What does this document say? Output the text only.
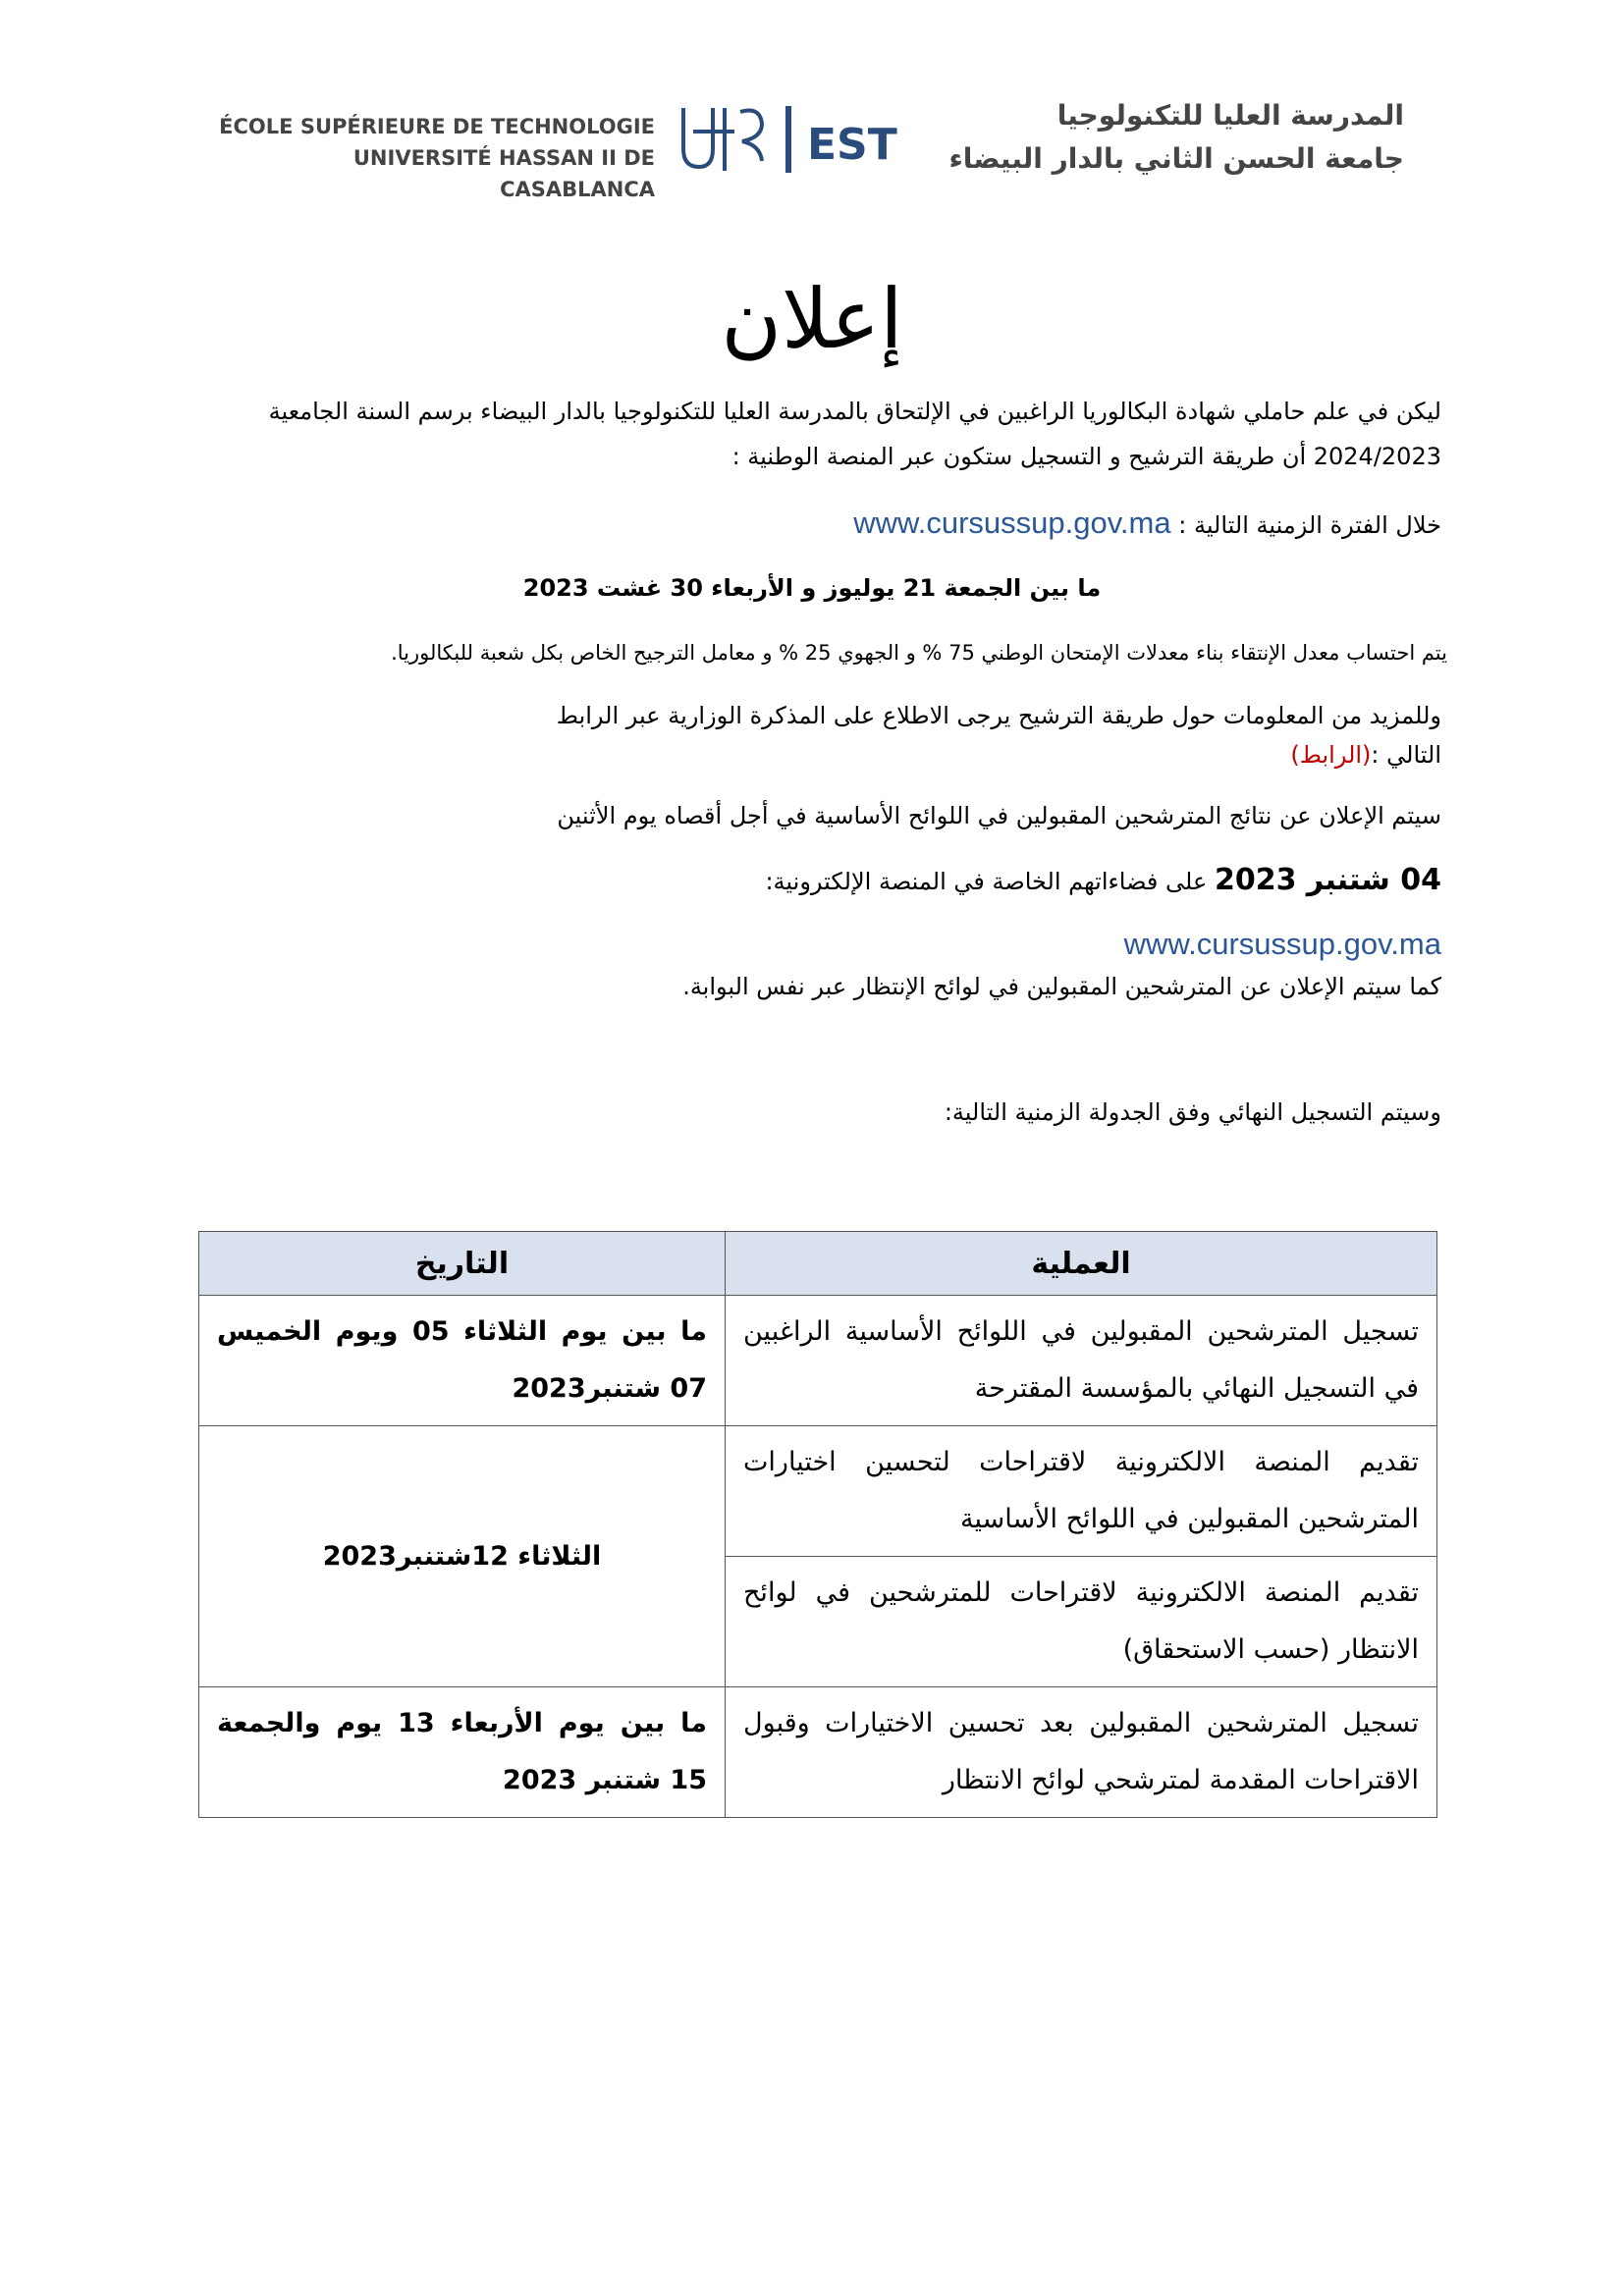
ÉCOLE SUPÉRIEURE DE TECHNOLOGIE
UNIVERSITÉ HASSAN II DE CASABLANCA
EST
المدرسة العليا للتكنولوجيا
جامعة الحسن الثاني بالدار البيضاء
إعلان
ليكن في علم حاملي شهادة البكالوريا الراغبين في الإلتحاق بالمدرسة العليا للتكنولوجيا بالدار البيضاء برسم السنة الجامعية
2024/2023 أن طريقة الترشيح و التسجيل ستكون عبر المنصة الوطنية :
خلال الفترة الزمنية التالية : www.cursussup.gov.ma
ما بين الجمعة 21 يوليوز و الأربعاء 30 غشت 2023
يتم احتساب معدل الإنتقاء بناء معدلات الإمتحان الوطني 75 % و الجهوي 25 % و معامل الترجيح الخاص بكل شعبة للبكالوريا.
وللمزيد من المعلومات حول طريقة الترشيح يرجى الاطلاع على المذكرة الوزارية عبر الرابط
التالي :(الرابط)
سيتم الإعلان عن نتائج المترشحين المقبولين في اللوائح الأساسية في أجل أقصاه يوم الأثنين
04 شتنبر 2023 على فضاءاتهم الخاصة في المنصة الإلكترونية:
www.cursussup.gov.ma
كما سيتم الإعلان عن المترشحين المقبولين في لوائح الإنتظار عبر نفس البوابة.
وسيتم التسجيل النهائي وفق الجدولة الزمنية التالية:
العملية	التاريخ
تسجيل المترشحين المقبولين في اللوائح الأساسية الراغبين في التسجيل النهائي بالمؤسسة المقترحة	ما بين يوم الثلاثاء 05 ويوم الخميس 07 شتنبر2023
تقديم المنصة الالكترونية لاقتراحات لتحسين اختيارات المترشحين المقبولين في اللوائح الأساسية	الثلاثاء 12شتنبر2023
تقديم المنصة الالكترونية لاقتراحات للمترشحين في لوائح الانتظار (حسب الاستحقاق)	
تسجيل المترشحين المقبولين بعد تحسين الاختيارات وقبول الاقتراحات المقدمة لمترشحي لوائح الانتظار	ما بين يوم الأربعاء 13 يوم والجمعة 15 شتنبر 2023
